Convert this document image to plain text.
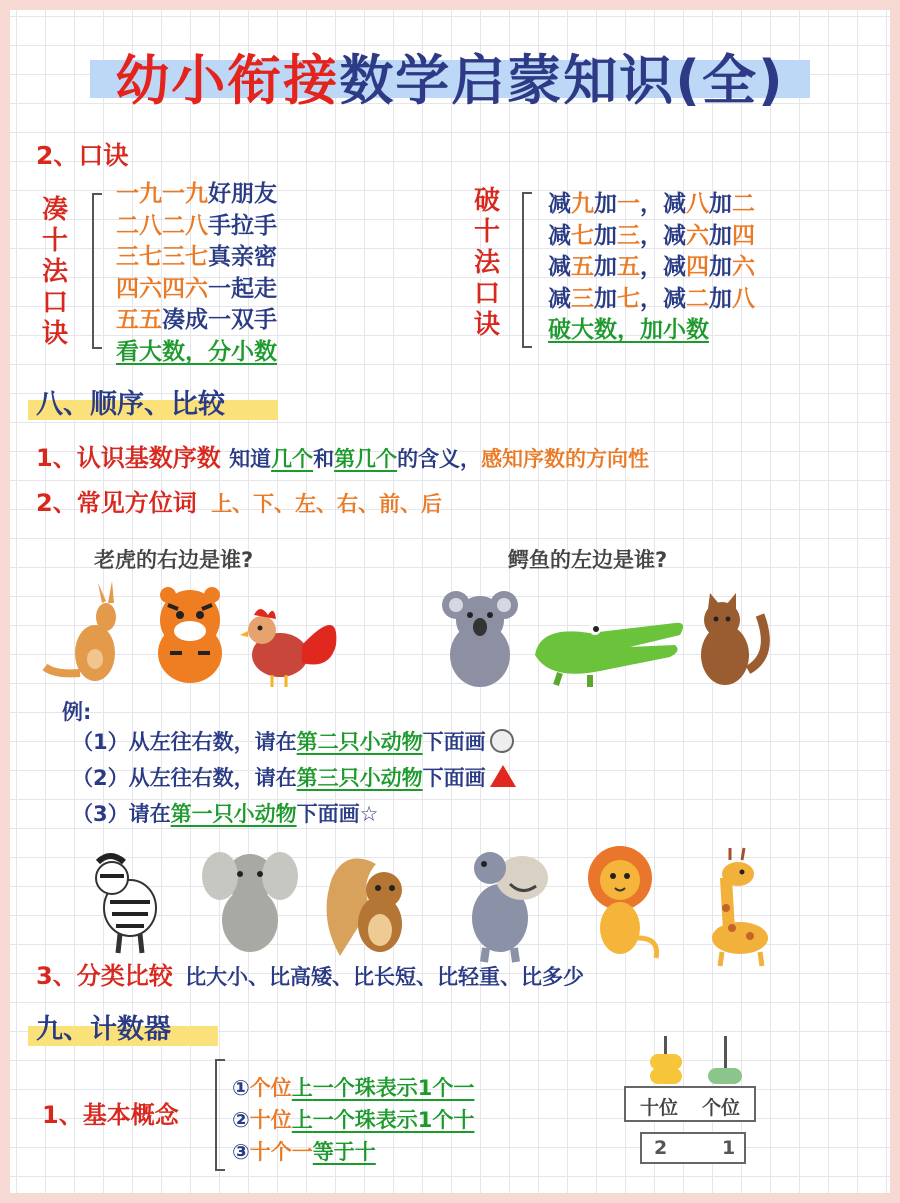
幼小衔接数学启蒙知识(全)
2、口诀
凑
十
法
口
诀
一九一九好朋友
二八二八手拉手
三七三七真亲密
四六四六一起走
五五凑成一双手
看大数，分小数
破
十
法
口
诀
减九加一，减八加二
减七加三，减六加四
减五加五，减四加六
减三加七，减二加八
破大数，加小数
八、顺序、比较
1、认识基数序数 知道几个和第几个的含义，感知序数的方向性
2、常见方位词 上、下、左、右、前、后
老虎的右边是谁?	鳄鱼的左边是谁?
例:
（1）从左往右数，请在第二只小动物下面画
（2）从左往右数，请在第三只小动物下面画
（3）请在第一只小动物下面画☆
3、分类比较 比大小、比高矮、比长短、比轻重、比多少
九、计数器
1、基本概念
①个位上一个珠表示1个一
②十位上一个珠表示1个十
③十个一等于十
十位 个位
2	1
